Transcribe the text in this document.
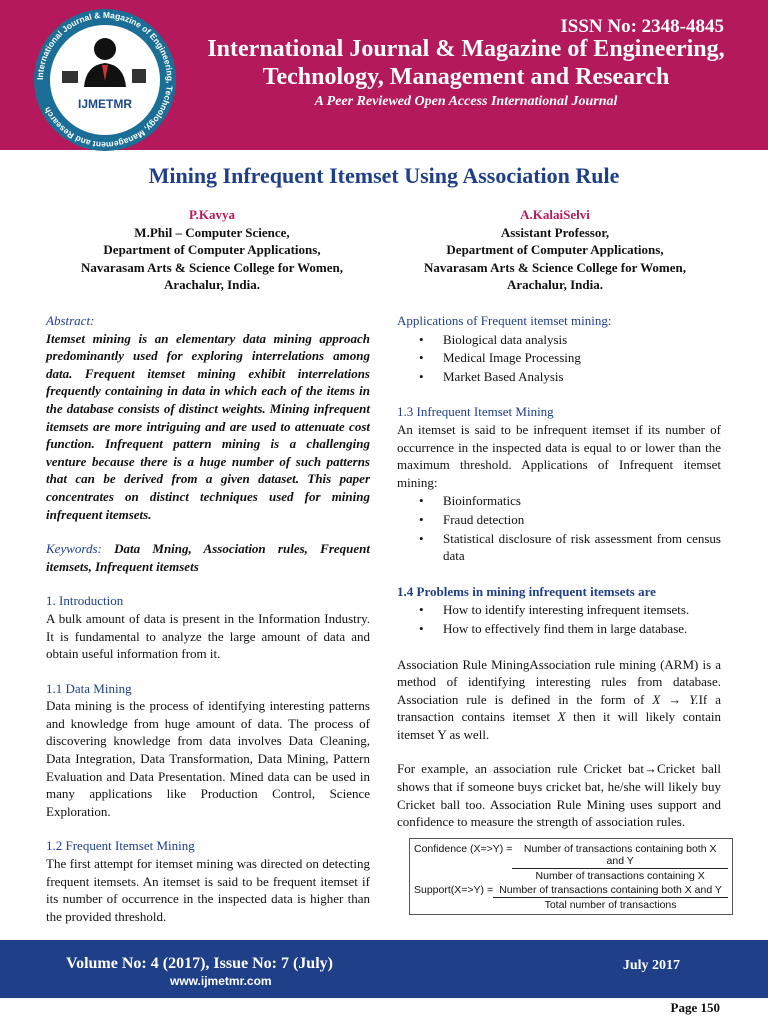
International Journal & Magazine of Engineering, Technology, Management and Research	IJMETMR
ISSN No: 2348-4845
International Journal & Magazine of Engineering,
Technology, Management and Research
A Peer Reviewed Open Access International Journal
Mining Infrequent Itemset Using Association Rule
P.Kavya
M.Phil – Computer Science,
Department of Computer Applications,
Navarasam Arts & Science College for Women,
Arachalur, India.
A.KalaiSelvi
Assistant Professor,
Department of Computer Applications,
Navarasam Arts & Science College for Women,
Arachalur, India.

Abstract:

Itemset mining is an elementary data mining approach predominantly used for exploring interrelations among data. Frequent itemset mining exhibit interrelations frequently containing in data in which each of the items in the database consists of distinct weights. Mining infrequent itemsets are more intriguing and are used to attenuate cost function. Infrequent pattern mining is a challenging venture because there is a huge number of such patterns that can be derived from a given dataset. This paper concentrates on distinct techniques used for mining infrequent itemsets.

Keywords: Data Mning, Association rules, Frequent itemsets, Infrequent itemsets

1. Introduction

A bulk amount of data is present in the Information Industry. It is fundamental to analyze the large amount of data and obtain useful information from it.

1.1 Data Mining

Data mining is the process of identifying interesting patterns and knowledge from huge amount of data. The process of discovering knowledge from data involves Data Cleaning, Data Integration, Data Transformation, Data Mining, Pattern Evaluation and Data Presentation. Mined data can be used in many applications like Production Control, Science Exploration.

1.2 Frequent Itemset Mining

The first attempt for itemset mining was directed on detecting frequent itemsets. An itemset is said to be frequent itemset if its number of occurrence in the inspected data is higher than the provided threshold.

Applications of Frequent itemset mining:

• Biological data analysis
• Medical Image Processing
• Market Based Analysis

1.3 Infrequent Itemset Mining

An itemset is said to be infrequent itemset if its number of occurrence in the inspected data is equal to or lower than the maximum threshold. Applications of Infrequent itemset mining:

• Bioinformatics
• Fraud detection
• Statistical disclosure of risk assessment from census data

1.4 Problems in mining infrequent itemsets are

• How to identify interesting infrequent itemsets.
• How to effectively find them in large database.

Association Rule MiningAssociation rule mining (ARM) is a method of identifying interesting rules from database. Association rule is defined in the form of X → Y.If a transaction contains itemset X then it will likely contain itemset Y as well.

For example, an association rule Cricket bat→Cricket ball shows that if someone buys cricket bat, he/she will likely buy Cricket ball too. Association Rule Mining uses support and confidence to measure the strength of association rules.

Confidence $(X=>Y) = \frac{\text{Number of transactions containing both X and Y}}{\text{Number of transactions containing X}}$
Support(X=>Y) = $\frac{\text{Number of transactions containing both X and Y}}{\text{Total number of transactions}}$
Volume No: 4 (2017), Issue No: 7 (July)
www.ijmetmr.com
July 2017
Page 150
